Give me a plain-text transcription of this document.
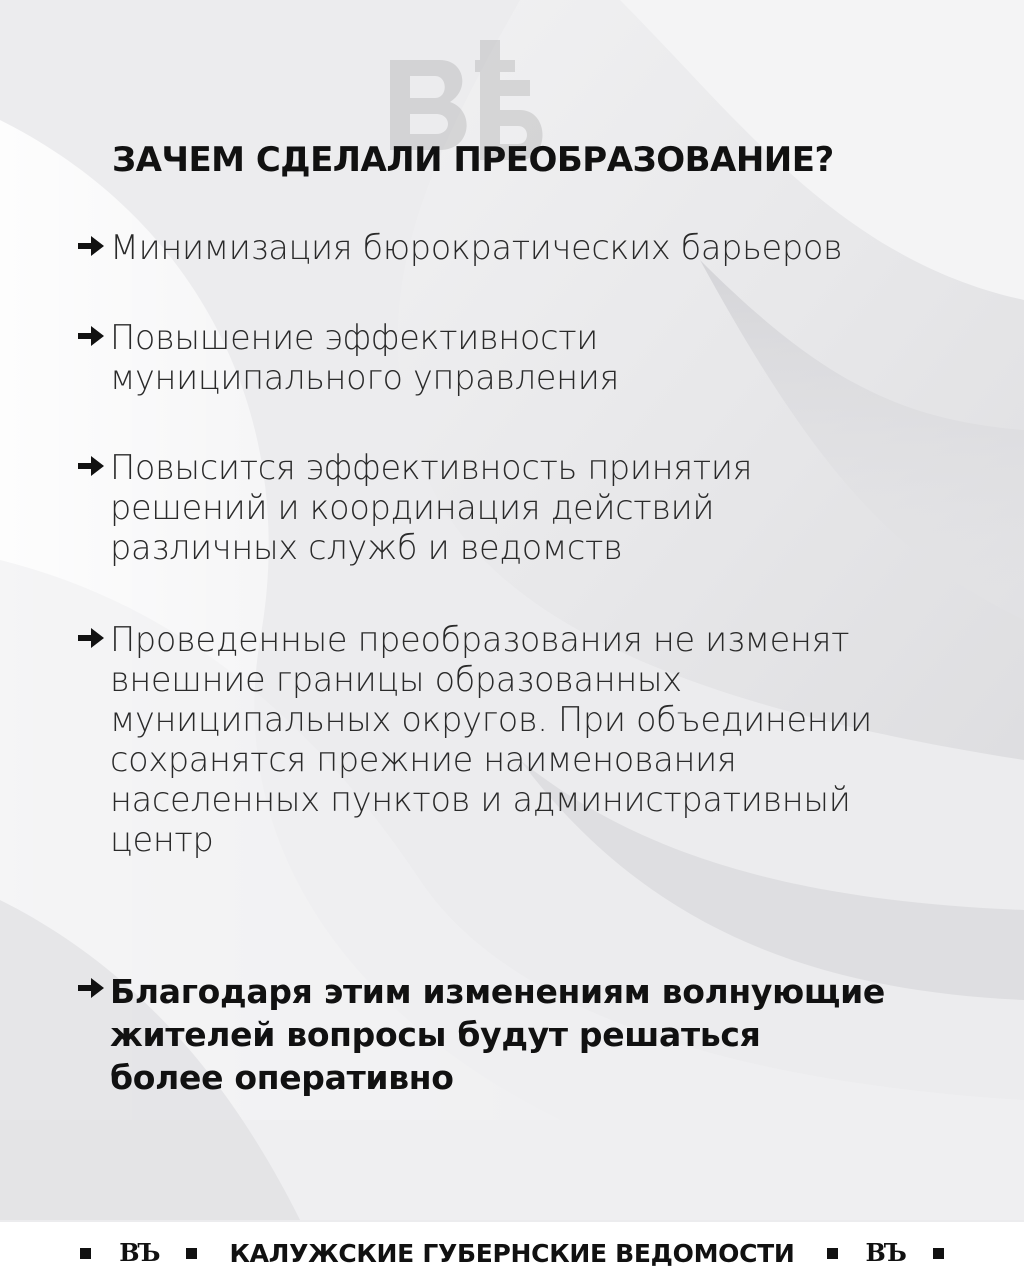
ЗАЧЕМ СДЕЛАЛИ ПРЕОБРАЗОВАНИЕ?
Минимизация бюрократических барьеров
Повышение эффективности
муниципального управления
Повысится эффективность принятия
решений и координация действий
различных служб и ведомств
Проведенные преобразования не изменят
внешние границы образованных
муниципальных округов. При объединении
сохранятся прежние наименования
населенных пунктов и административный
центр
Благодаря этим изменениям волнующие
жителей вопросы будут решаться
более оперативно
ВЪ	КАЛУЖСКИЕ ГУБЕРНСКИЕ ВЕДОМОСТИ	ВЪ
